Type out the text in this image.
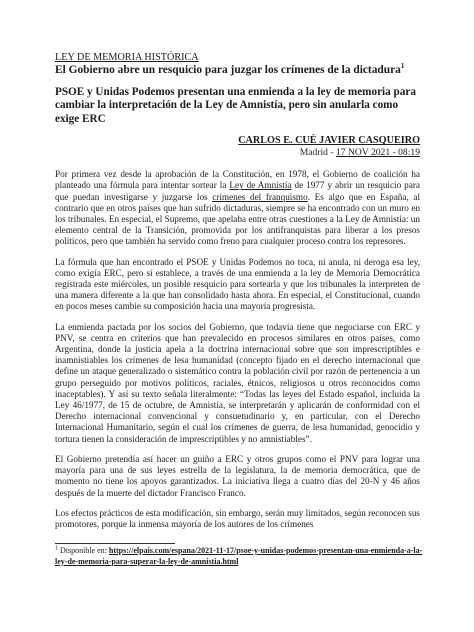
LEY DE MEMORIA HISTÓRICA

El Gobierno abre un resquicio para juzgar los crímenes de la dictadura$^1$

PSOE y Unidas Podemos presentan una enmienda a la ley de memoria para cambiar la interpretación de la Ley de Amnistía, pero sin anularla como exige ERC

CARLOS E. CUÉ JAVIER CASQUEIRO
Madrid - 17 NOV 2021 - 08:19

Por primera vez desde la aprobación de la Constitución, en 1978, el Gobierno de coalición ha planteado una fórmula para intentar sortear la Ley de Amnistía de 1977 y abrir un resquicio para que puedan investigarse y juzgarse los crímenes del franquismo. Es algo que en España, al contrario que en otros países que han sufrido dictaduras, siempre se ha encontrado con un muro en los tribunales. En especial, el Supremo, que apelaba entre otras cuestiones a la Ley de Amnistía: un elemento central de la Transición, promovida por los antifranquistas para liberar a los presos políticos, pero que también ha servido como freno para cualquier proceso contra los represores.

La fórmula que han encontrado el PSOE y Unidas Podemos no toca, ni anula, ni deroga esa ley, como exigía ERC, pero sí establece, a través de una enmienda a la ley de Memoria Democrática registrada este miércoles, un posible resquicio para sortearla y que los tribunales la interpreten de una manera diferente a la que han consolidado hasta ahora. En especial, el Constitucional, cuando en pocos meses cambie su composición hacia una mayoría progresista.

La enmienda pactada por los socios del Gobierno, que todavía tiene que negociarse con ERC y PNV, se centra en criterios que han prevalecido en procesos similares en otros países, como Argentina, donde la justicia apela a la doctrina internacional sobre que son imprescriptibles e inamnistiables los crímenes de lesa humanidad (concepto fijado en el derecho internacional que define un ataque generalizado o sistemático contra la población civil por razón de pertenencia a un grupo perseguido por motivos políticos, raciales, étnicos, religiosos u otros reconocidos como inaceptables). Y así su texto señala literalmente: “Todas las leyes del Estado español, incluida la Ley 46/1977, de 15 de octubre, de Amnistía, se interpretarán y aplicarán de conformidad con el Derecho internacional convencional y consuetudinario y, en particular, con el Derecho Internacional Humanitario, según el cual los crímenes de guerra, de lesa humanidad, genocidio y tortura tienen la consideración de imprescriptibles y no amnistiables”.

El Gobierno pretendía así hacer un guiño a ERC y otros grupos como el PNV para lograr una mayoría para una de sus leyes estrella de la legislatura, la de memoria democrática, que de momento no tiene los apoyos garantizados. La iniciativa llega a cuatro días del 20-N y 46 años después de la muerte del dictador Francisco Franco.

Los efectos prácticos de esta modificación, sin embargo, serán muy limitados, según reconocen sus promotores, porque la inmensa mayoría de los autores de los crímenes

$^1$ Disponible en: https://elpais.com/espana/2021-11-17/psoe-y-unidas-podemos-presentan-una-enmienda-a-la-ley-de-memoria-para-superar-la-ley-de-amnistia.html
